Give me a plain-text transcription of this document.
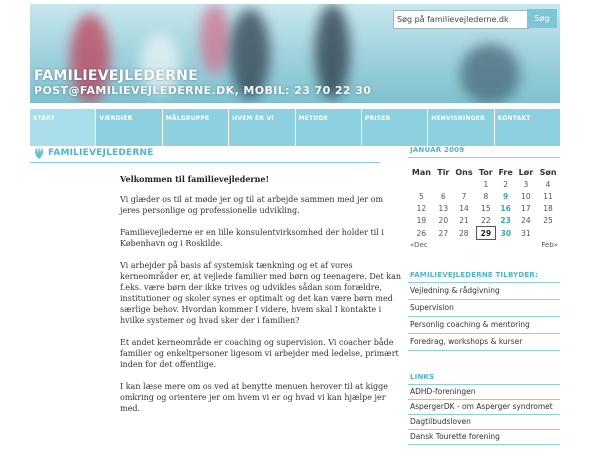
FAMILIEVEJLEDERNE

POST@FAMILIEVEJLEDERNE.DK, MOBIL: 23 70 22 30

Søg på familievejlederne.dk
Søg
START	VÆRDIER	MÅLGRUPPE	HVEM ER VI	METODE	PRISER	HENVISNINGER	KONTAKT
FAMILIEVEJLEDERNE

Velkommen til familievejlederne!

Vi glæder os til at møde jer og til at arbejde sammen med jer om jeres personlige og professionelle udvikling.

Familievejlederne er en lille konsulentvirksomhed der holder til i København og i Roskilde.

Vi arbejder på basis af systemisk tænkning og et af vores kerneområder er, at vejlede familier med børn og teenagere. Det kan f.eks. være børn der ikke trives og udvikles sådan som forældre, institutioner og skoler synes er optimalt og det kan være børn med særlige behov. Hvordan kommer I videre, hvem skal I kontakte i hvilke systemer og hvad sker der i familien?

Et andet kerneområde er coaching og supervision. Vi coacher både familier og enkeltpersoner ligesom vi arbejder med ledelse, primært inden for det offentlige.

I kan læse mere om os ved at benytte menuen herover til at kigge omkring og orientere jer om hvem vi er og hvad vi kan hjælpe jer med.

JANUAR 2009
Man	Tir	Ons	Tor	Fre	Lør	Søn
			1	2	3	4
5	6	7	8	9	10	11
12	13	14	15	16	17	18
19	20	21	22	23	24	25
26	27	28	29	30	31	
«Dec	Feb»
FAMILIEVEJLEDERNE TILBYDER:
Vejledning & rådgivning
Supervision
Personlig coaching & mentoring
Foredrag, workshops & kurser
LINKS
ADHD-foreningen
AspergerDK - om Asperger syndromet
Dagtilbudsloven
Dansk Tourette forening
